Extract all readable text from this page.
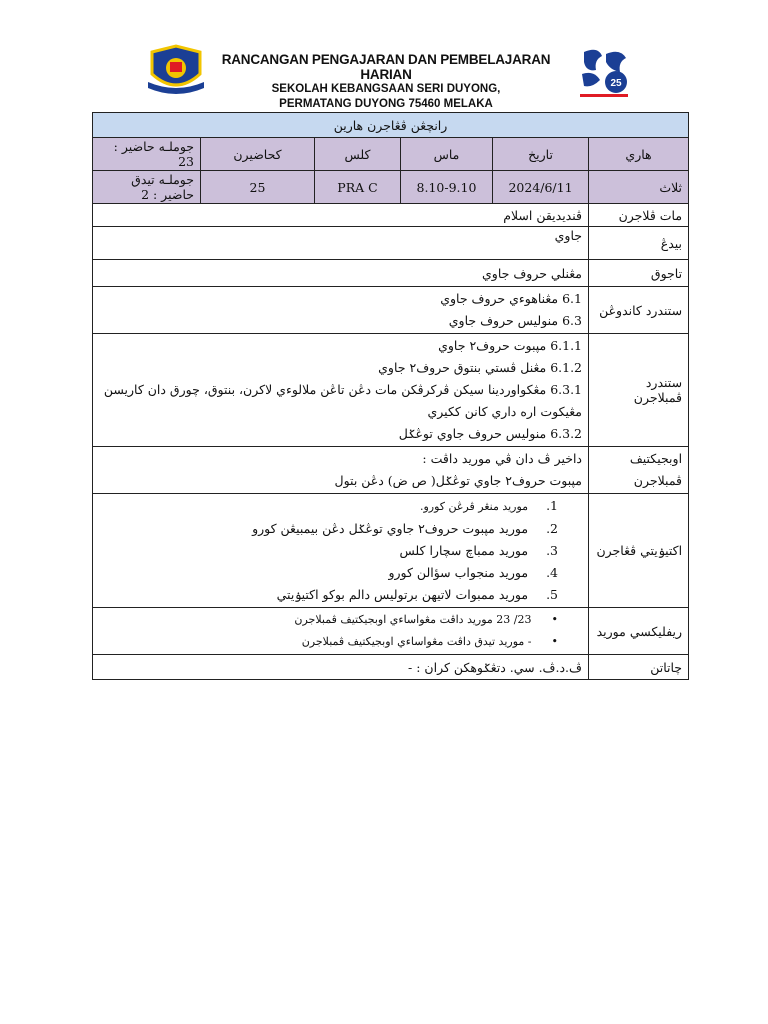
25
RANCANGAN PENGAJARAN DAN PEMBELAJARAN HARIAN
SEKOLAH KEBANGSAAN SERI DUYONG,
PERMATANG DUYONG 75460 MELAKA
رانچڠن ڤڠاجرن هارين					
جوملـه حاضير : 23	کحاضيرن	کلس	ماس	تاريخ	هاري
جوملـه تيدق حاضير : 2	25	PRA C	8.10-9.10	2024/6/11	ثلاث
ڤنديديقن اسلام					مات ڤلاجرن
جاوي					بيدڠ
مڠنلي حروف جاوي					تاجوق

6.1 مڠناهوءي حروف جاوي
6.3 منوليس حروف جاوي					ستندرد كاندوڠن

6.1.1 مڽبوت حروف٢ جاوي
6.1.2 مڠنل ڤستي بنتوق حروف٢ جاوي
6.3.1 مڠكواوردينا سيكن ڤرکرڤکن مات دڠن تاڠن ملالوءي لاکرن، بنتوق، چورق دان كاريسن
مڠيکوت اره داري كانن ككيري
6.3.2 منوليس حروف جاوي توڠݢل					ستندرد ڤمبلاجرن

داخير ڤ دان ڤي موريد داڤت :
مڽبوت حروف٢ جاوي توڠݢل( ص ض) دڠن بتول					اوبجيكتيف
ڤمبلاجرن

1.موريد منڠر ڤرڠن کورو.
2.موريد مڽبوت حروف٢ جاوي توڠݢل دڠن بيمبيڠن کورو
3.موريد ممباچ سچارا كلس
4.موريد منجواب سؤالن کورو
5.موريد ممبوات لاتيهن برتوليس دالم بوكو اکتيۏيتي					اکتيۏيتي ڤڠاجرن

•23/ 23 موريد داڤت مڠواساءي اوبجيكتيف ڤمبلاجرن
•- موريد تيدق داڤت مڠواساءي اوبجيكتيف ڤمبلاجرن					ريفليكسي موريد
ڤ.د.ڤ. سي. دتڠݢوهکن کران : -					چاتاتن
